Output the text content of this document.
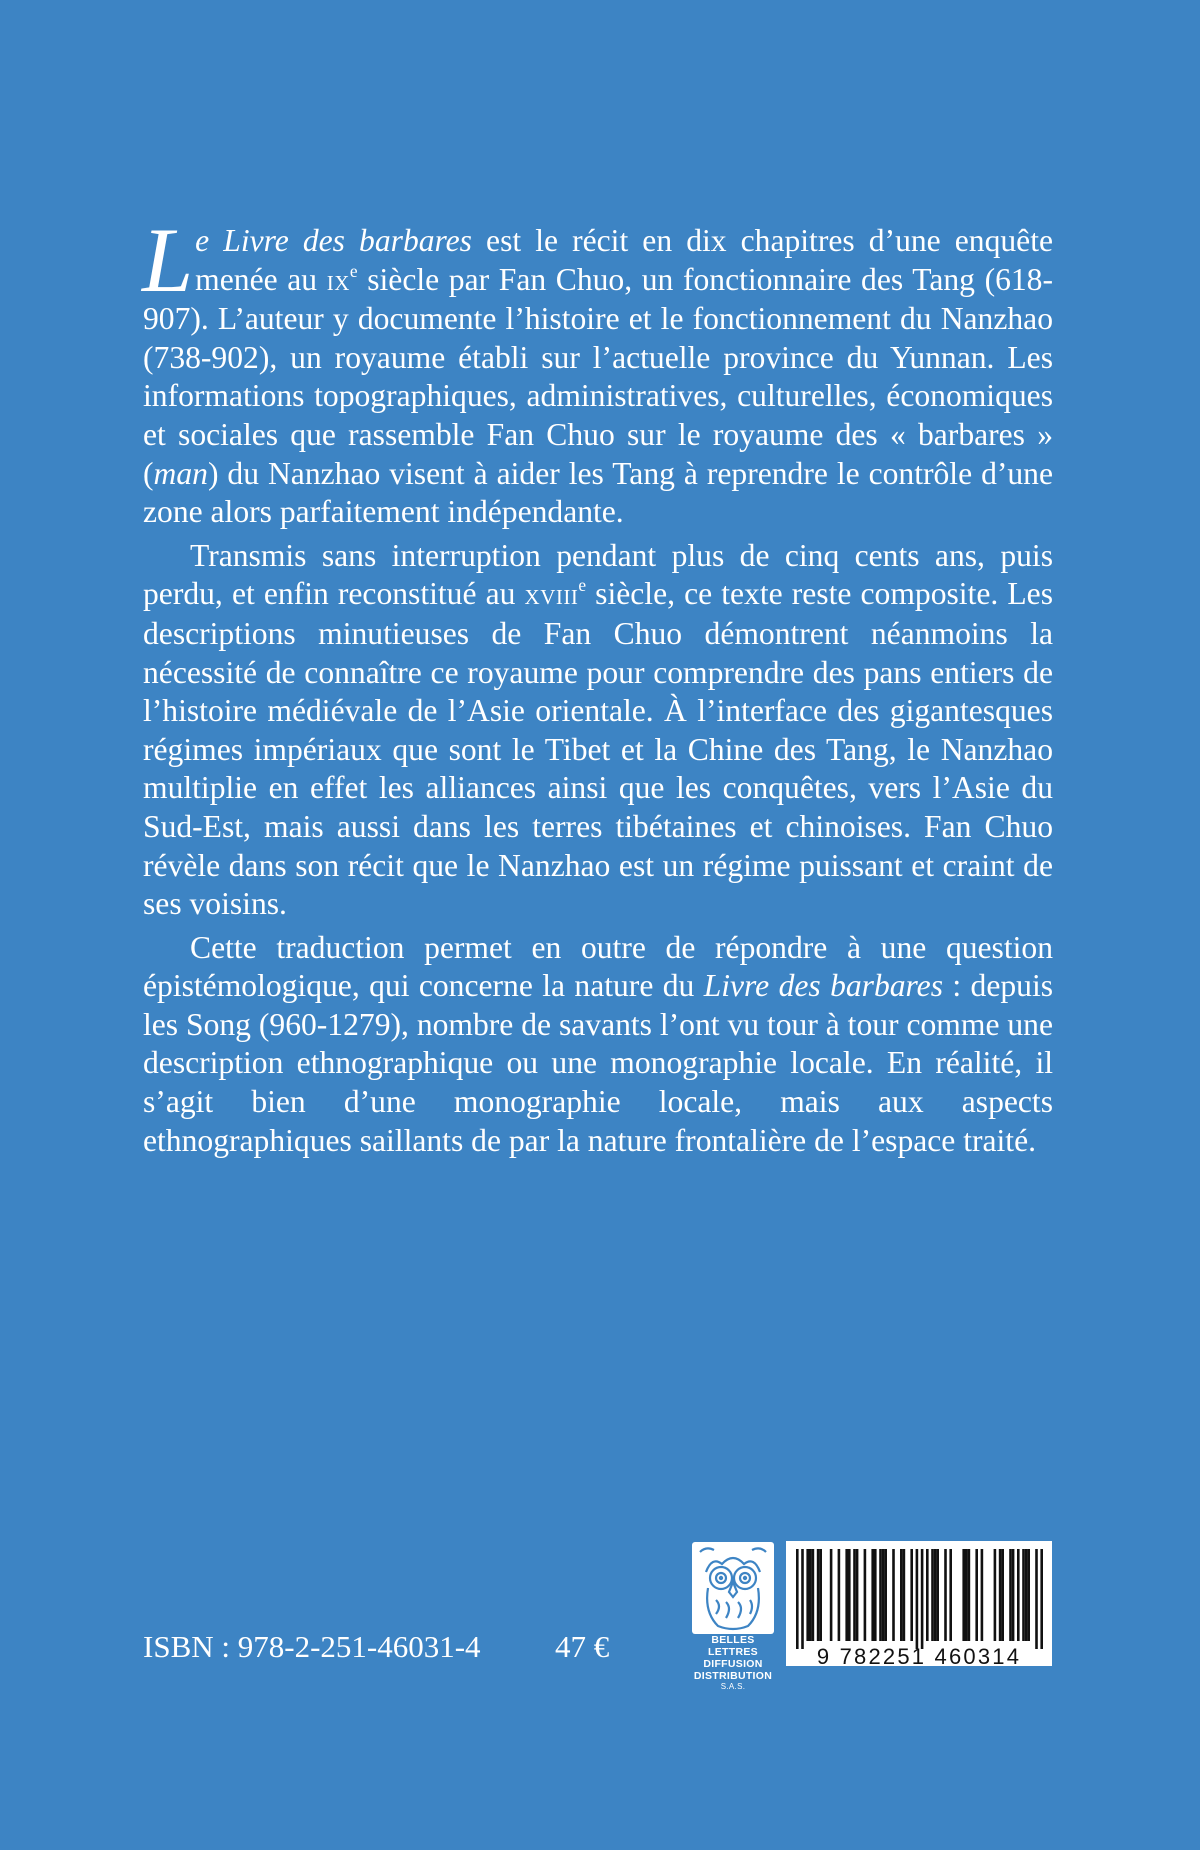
Le Livre des barbares est le récit en dix chapitres d’une enquête menée au $ix^e$ siècle par Fan Chuo, un fonctionnaire des Tang (618-907). L’auteur y documente l’histoire et le fonctionnement du Nanzhao (738-902), un royaume établi sur l’actuelle province du Yunnan. Les informations topographiques, administratives, culturelles, économiques et sociales que rassemble Fan Chuo sur le royaume des « barbares » (man) du Nanzhao visent à aider les Tang à reprendre le contrôle d’une zone alors parfaitement indépendante.

Transmis sans interruption pendant plus de cinq cents ans, puis perdu, et enfin reconstitué au xviii$^e$ siècle, ce texte reste composite. Les descriptions minutieuses de Fan Chuo démontrent néanmoins la nécessité de connaître ce royaume pour comprendre des pans entiers de l’histoire médiévale de l’Asie orientale. À l’interface des gigantesques régimes impériaux que sont le Tibet et la Chine des Tang, le Nanzhao multiplie en effet les alliances ainsi que les conquêtes, vers l’Asie du Sud-Est, mais aussi dans les terres tibétaines et chinoises. Fan Chuo révèle dans son récit que le Nanzhao est un régime puissant et craint de ses voisins.

Cette traduction permet en outre de répondre à une question épistémologique, qui concerne la nature du Livre des barbares : depuis les Song (960-1279), nombre de savants l’ont vu tour à tour comme une description ethnographique ou une monographie locale. En réalité, il s’agit bien d’une monographie locale, mais aux aspects ethnographiques saillants de par la nature frontalière de l’espace traité.

ISBN : 978-2-251-46031-4 47 €	BELLES LETTRES
DIFFUSION
DISTRIBUTION
S.A.S.
9 782251 460314
